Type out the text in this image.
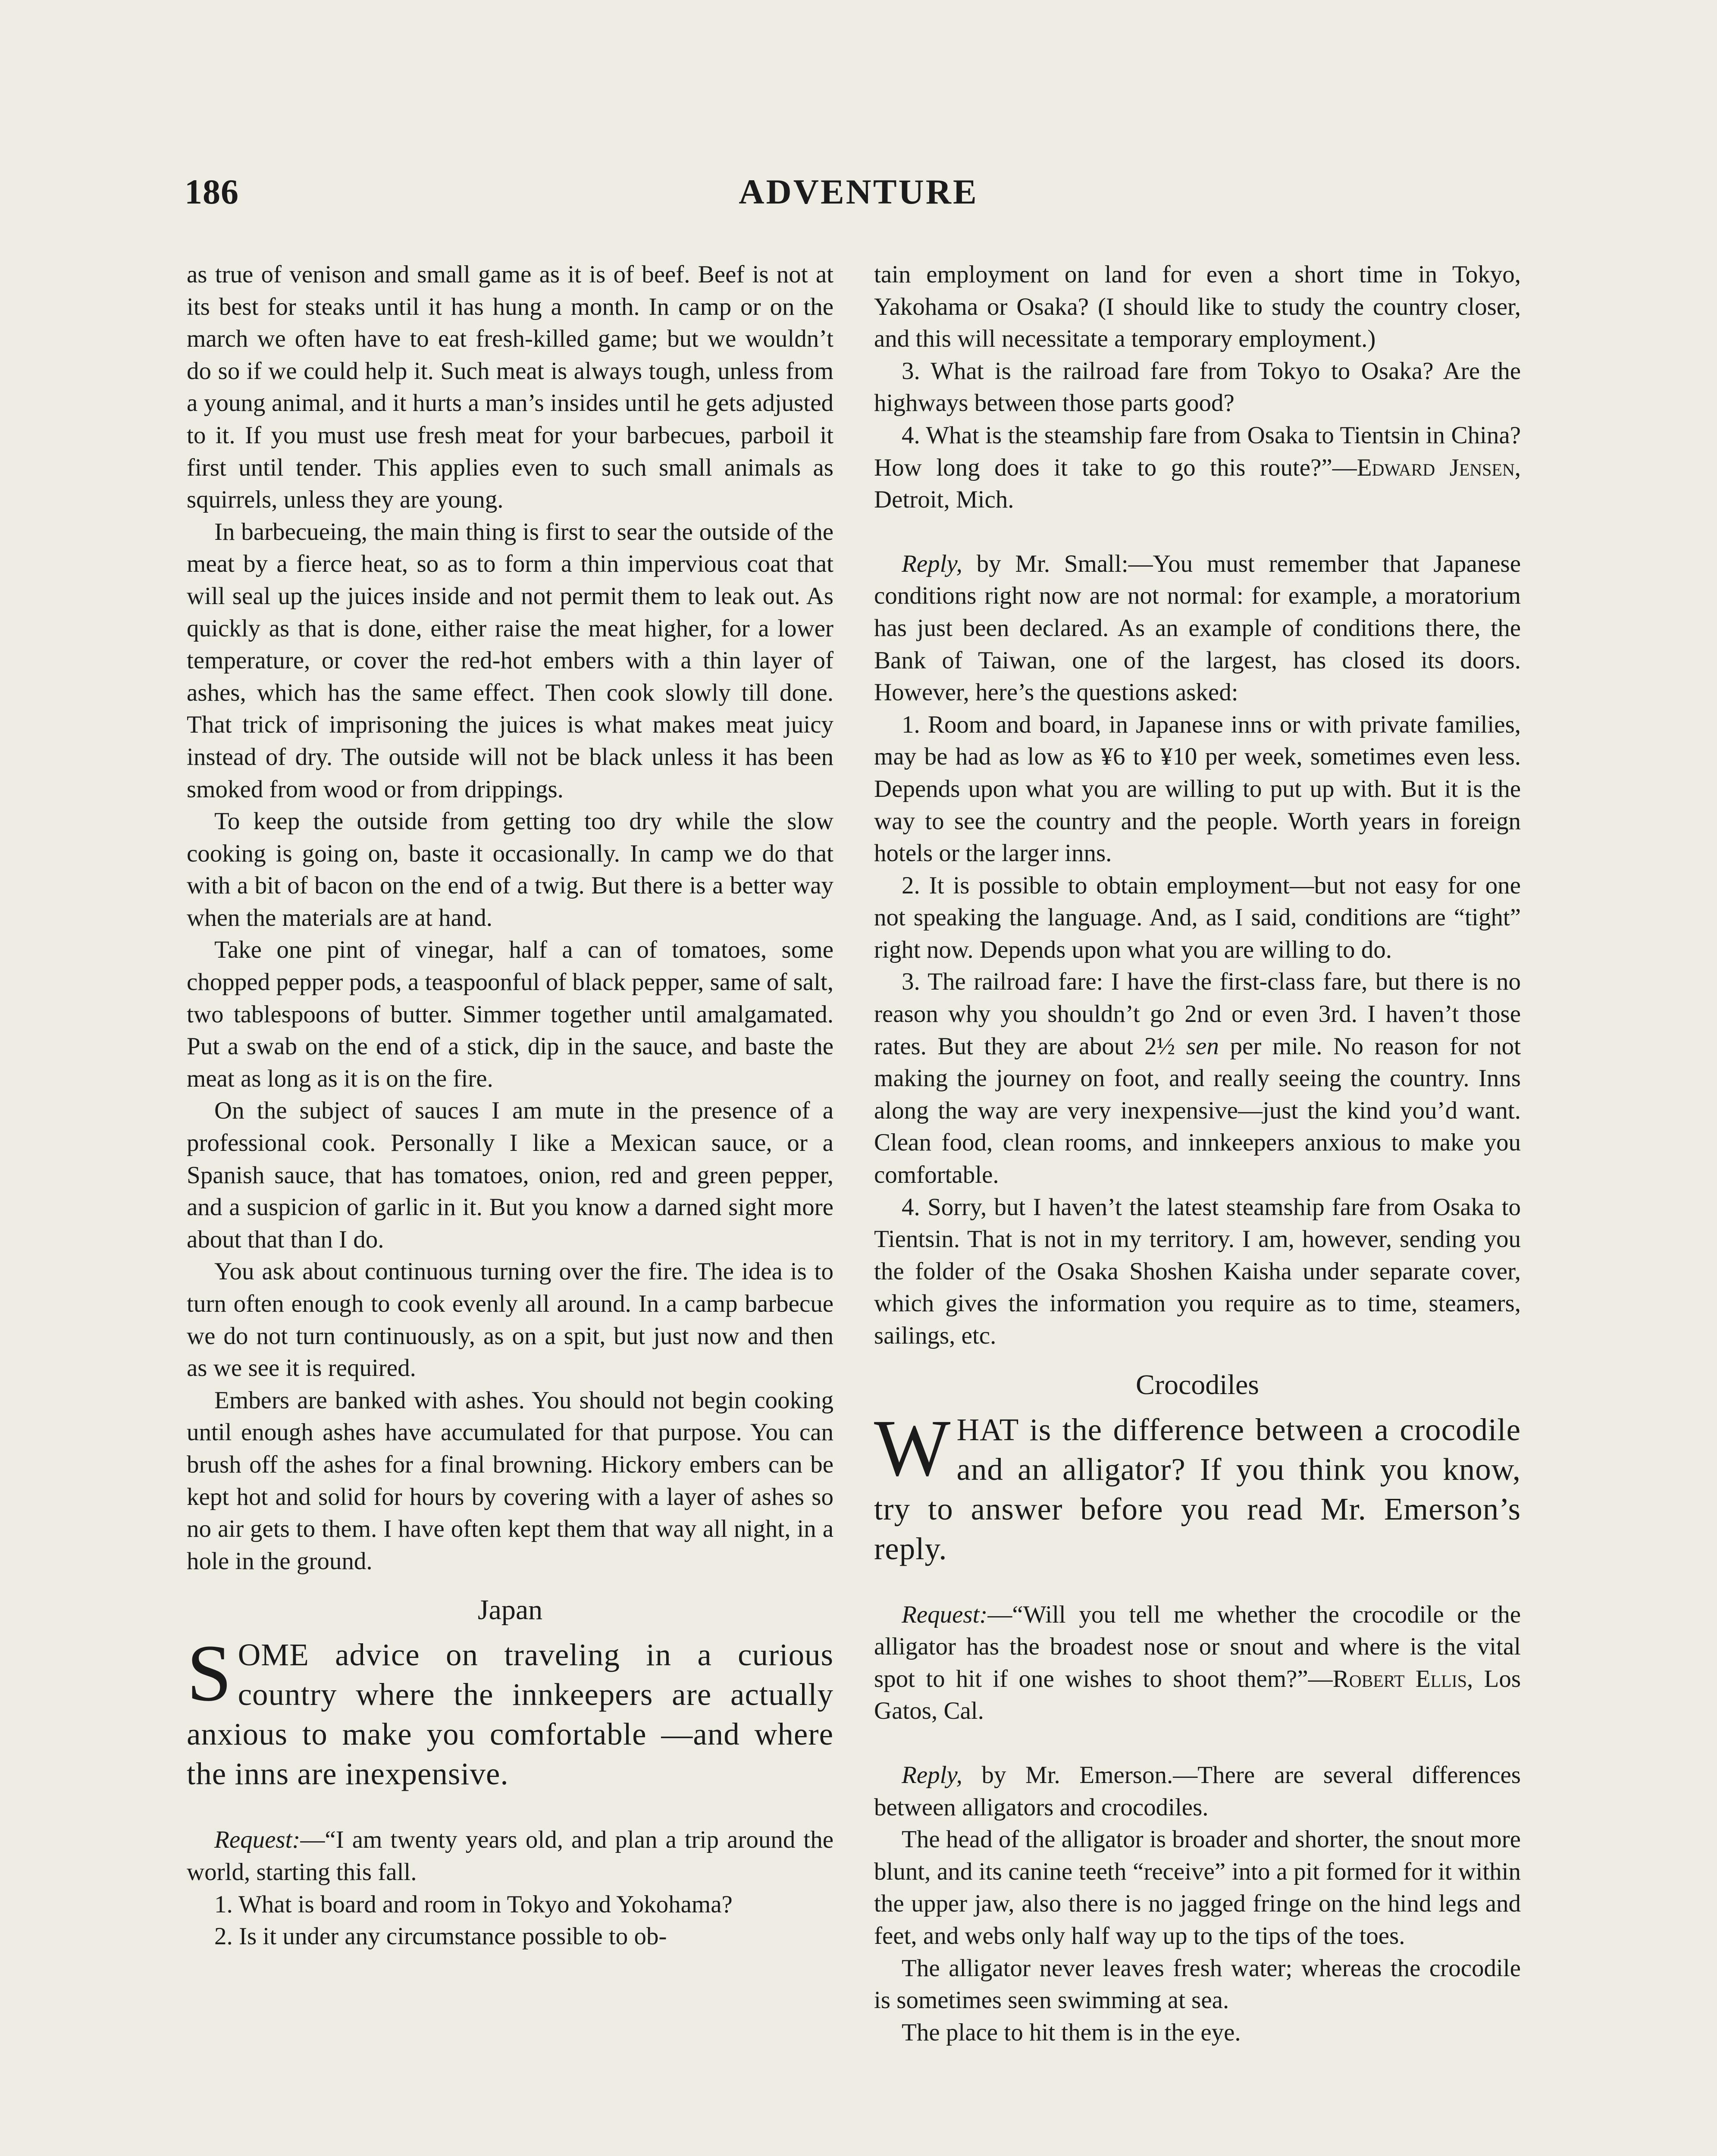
186	ADVENTURE

as true of venison and small game as it is of beef. Beef is not at its best for steaks until it has hung a month. In camp or on the march we often have to eat fresh-killed game; but we wouldn’t do so if we could help it. Such meat is always tough, unless from a young animal, and it hurts a man’s insides until he gets adjusted to it. If you must use fresh meat for your barbecues, parboil it first until tender. This applies even to such small animals as squirrels, unless they are young.

In barbecueing, the main thing is first to sear the outside of the meat by a fierce heat, so as to form a thin impervious coat that will seal up the juices inside and not permit them to leak out. As quickly as that is done, either raise the meat higher, for a lower temperature, or cover the red-hot embers with a thin layer of ashes, which has the same effect. Then cook slowly till done. That trick of imprisoning the juices is what makes meat juicy instead of dry. The outside will not be black unless it has been smoked from wood or from drippings.

To keep the outside from getting too dry while the slow cooking is going on, baste it occasionally. In camp we do that with a bit of bacon on the end of a twig. But there is a better way when the materials are at hand.

Take one pint of vinegar, half a can of tomatoes, some chopped pepper pods, a teaspoonful of black pepper, same of salt, two tablespoons of butter. Simmer together until amalgamated. Put a swab on the end of a stick, dip in the sauce, and baste the meat as long as it is on the fire.

On the subject of sauces I am mute in the presence of a professional cook. Personally I like a Mexican sauce, or a Spanish sauce, that has tomatoes, onion, red and green pepper, and a suspicion of garlic in it. But you know a darned sight more about that than I do.

You ask about continuous turning over the fire. The idea is to turn often enough to cook evenly all around. In a camp barbecue we do not turn continuously, as on a spit, but just now and then as we see it is required.

Embers are banked with ashes. You should not begin cooking until enough ashes have accumulated for that purpose. You can brush off the ashes for a final browning. Hickory embers can be kept hot and solid for hours by covering with a layer of ashes so no air gets to them. I have often kept them that way all night, in a hole in the ground.

Japan

SOME advice on traveling in a curious country where the innkeepers are actually anxious to make you comfortable —and where the inns are inexpensive.

Request:—“I am twenty years old, and plan a trip around the world, starting this fall.

1. What is board and room in Tokyo and Yokohama?

2. Is it under any circumstance possible to ob-

tain employment on land for even a short time in Tokyo, Yakohama or Osaka? (I should like to study the country closer, and this will necessitate a temporary employment.)

3. What is the railroad fare from Tokyo to Osaka? Are the highways between those parts good?

4. What is the steamship fare from Osaka to Tientsin in China? How long does it take to go this route?”—Edward Jensen, Detroit, Mich.

Reply, by Mr. Small:—You must remember that Japanese conditions right now are not normal: for example, a moratorium has just been declared. As an example of conditions there, the Bank of Taiwan, one of the largest, has closed its doors. However, here’s the questions asked:

1. Room and board, in Japanese inns or with private families, may be had as low as ¥6 to ¥10 per week, sometimes even less. Depends upon what you are willing to put up with. But it is the way to see the country and the people. Worth years in foreign hotels or the larger inns.

2. It is possible to obtain employment—but not easy for one not speaking the language. And, as I said, conditions are “tight” right now. Depends upon what you are willing to do.

3. The railroad fare: I have the first-class fare, but there is no reason why you shouldn’t go 2nd or even 3rd. I haven’t those rates. But they are about 2½ sen per mile. No reason for not making the journey on foot, and really seeing the country. Inns along the way are very inexpensive—just the kind you’d want. Clean food, clean rooms, and innkeepers anxious to make you comfortable.

4. Sorry, but I haven’t the latest steamship fare from Osaka to Tientsin. That is not in my territory. I am, however, sending you the folder of the Osaka Shoshen Kaisha under separate cover, which gives the information you require as to time, steamers, sailings, etc.

Crocodiles

WHAT is the difference between a crocodile and an alligator? If you think you know, try to answer before you read Mr. Emerson’s reply.

Request:—“Will you tell me whether the crocodile or the alligator has the broadest nose or snout and where is the vital spot to hit if one wishes to shoot them?”—Robert Ellis, Los Gatos, Cal.

Reply, by Mr. Emerson.—There are several differences between alligators and crocodiles.

The head of the alligator is broader and shorter, the snout more blunt, and its canine teeth “receive” into a pit formed for it within the upper jaw, also there is no jagged fringe on the hind legs and feet, and webs only half way up to the tips of the toes.

The alligator never leaves fresh water; whereas the crocodile is sometimes seen swimming at sea.

The place to hit them is in the eye.
